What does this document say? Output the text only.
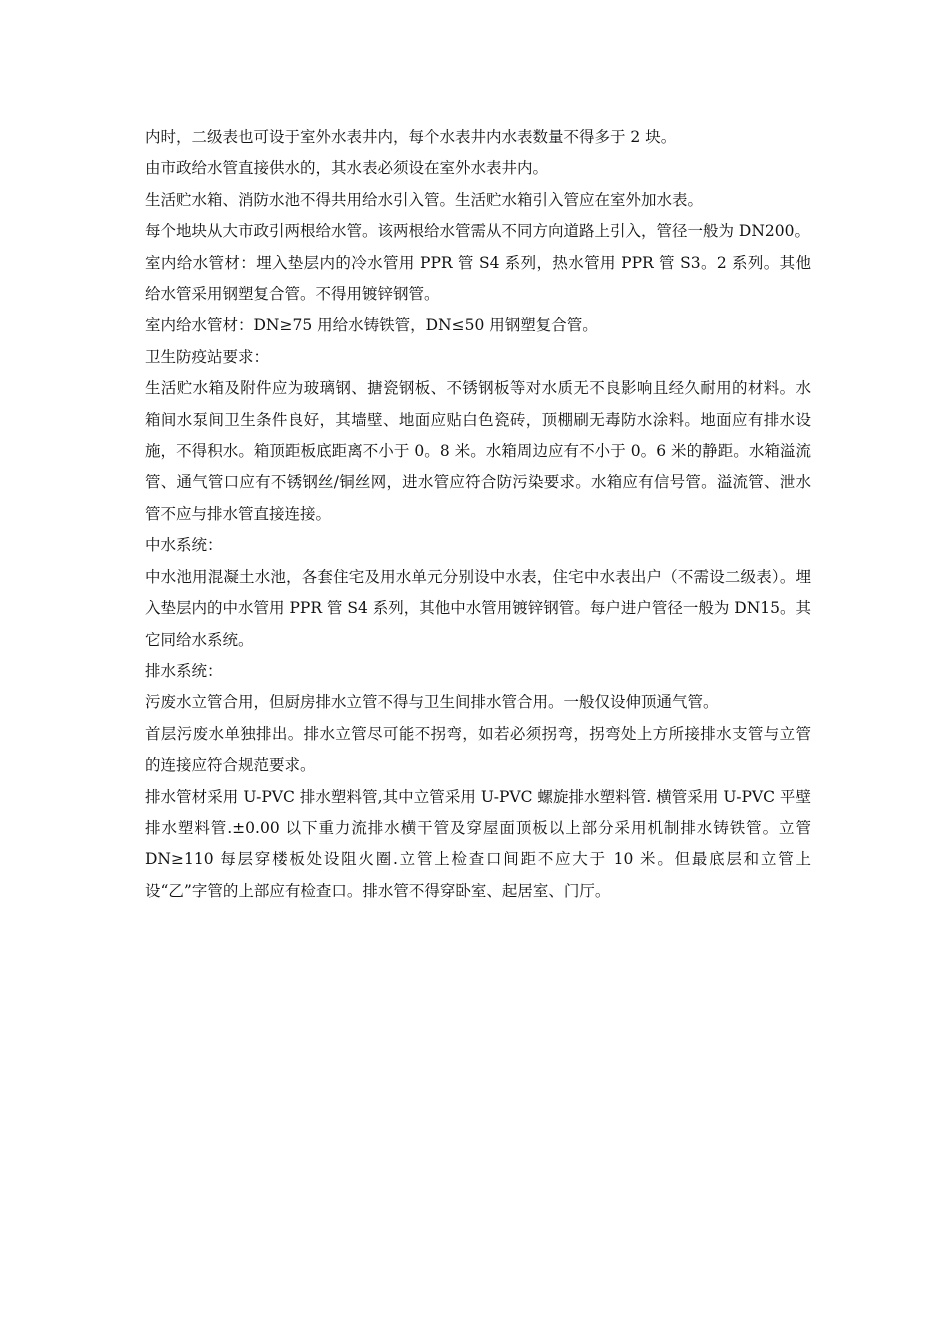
内时，二级表也可设于室外水表井内，每个水表井内水表数量不得多于 2 块。

由市政给水管直接供水的，其水表必须设在室外水表井内。

生活贮水箱、消防水池不得共用给水引入管。生活贮水箱引入管应在室外加水表。

每个地块从大市政引两根给水管。该两根给水管需从不同方向道路上引入，管径一般为 DN200。

室内给水管材：埋入垫层内的冷水管用 PPR 管 S4 系列，热水管用 PPR 管 S3。2 系列。其他给水管采用钢塑复合管。不得用镀锌钢管。

室内给水管材：DN≥75 用给水铸铁管，DN≤50 用钢塑复合管。

卫生防疫站要求：

生活贮水箱及附件应为玻璃钢、搪瓷钢板、不锈钢板等对水质无不良影响且经久耐用的材料。水箱间水泵间卫生条件良好，其墙壁、地面应贴白色瓷砖，顶棚刷无毒防水涂料。地面应有排水设施，不得积水。箱顶距板底距离不小于 0。8 米。水箱周边应有不小于 0。6 米的静距。水箱溢流管、通气管口应有不锈钢丝/铜丝网，进水管应符合防污染要求。水箱应有信号管。溢流管、泄水管不应与排水管直接连接。

中水系统：

中水池用混凝土水池，各套住宅及用水单元分别设中水表，住宅中水表出户（不需设二级表）。埋入垫层内的中水管用 PPR 管 S4 系列，其他中水管用镀锌钢管。每户进户管径一般为 DN15。其它同给水系统。

排水系统：

污废水立管合用，但厨房排水立管不得与卫生间排水管合用。一般仅设伸顶通气管。

首层污废水单独排出。排水立管尽可能不拐弯，如若必须拐弯，拐弯处上方所接排水支管与立管的连接应符合规范要求。

排水管材采用 U-PVC 排水塑料管,其中立管采用 U-PVC 螺旋排水塑料管. 横管采用 U-PVC 平壁排水塑料管.±0.00 以下重力流排水横干管及穿屋面顶板以上部分采用机制排水铸铁管。立管 DN≥110 每层穿楼板处设阻火圈.立管上检查口间距不应大于 10 米。但最底层和立管上设“乙”字管的上部应有检查口。排水管不得穿卧室、起居室、门厅。
